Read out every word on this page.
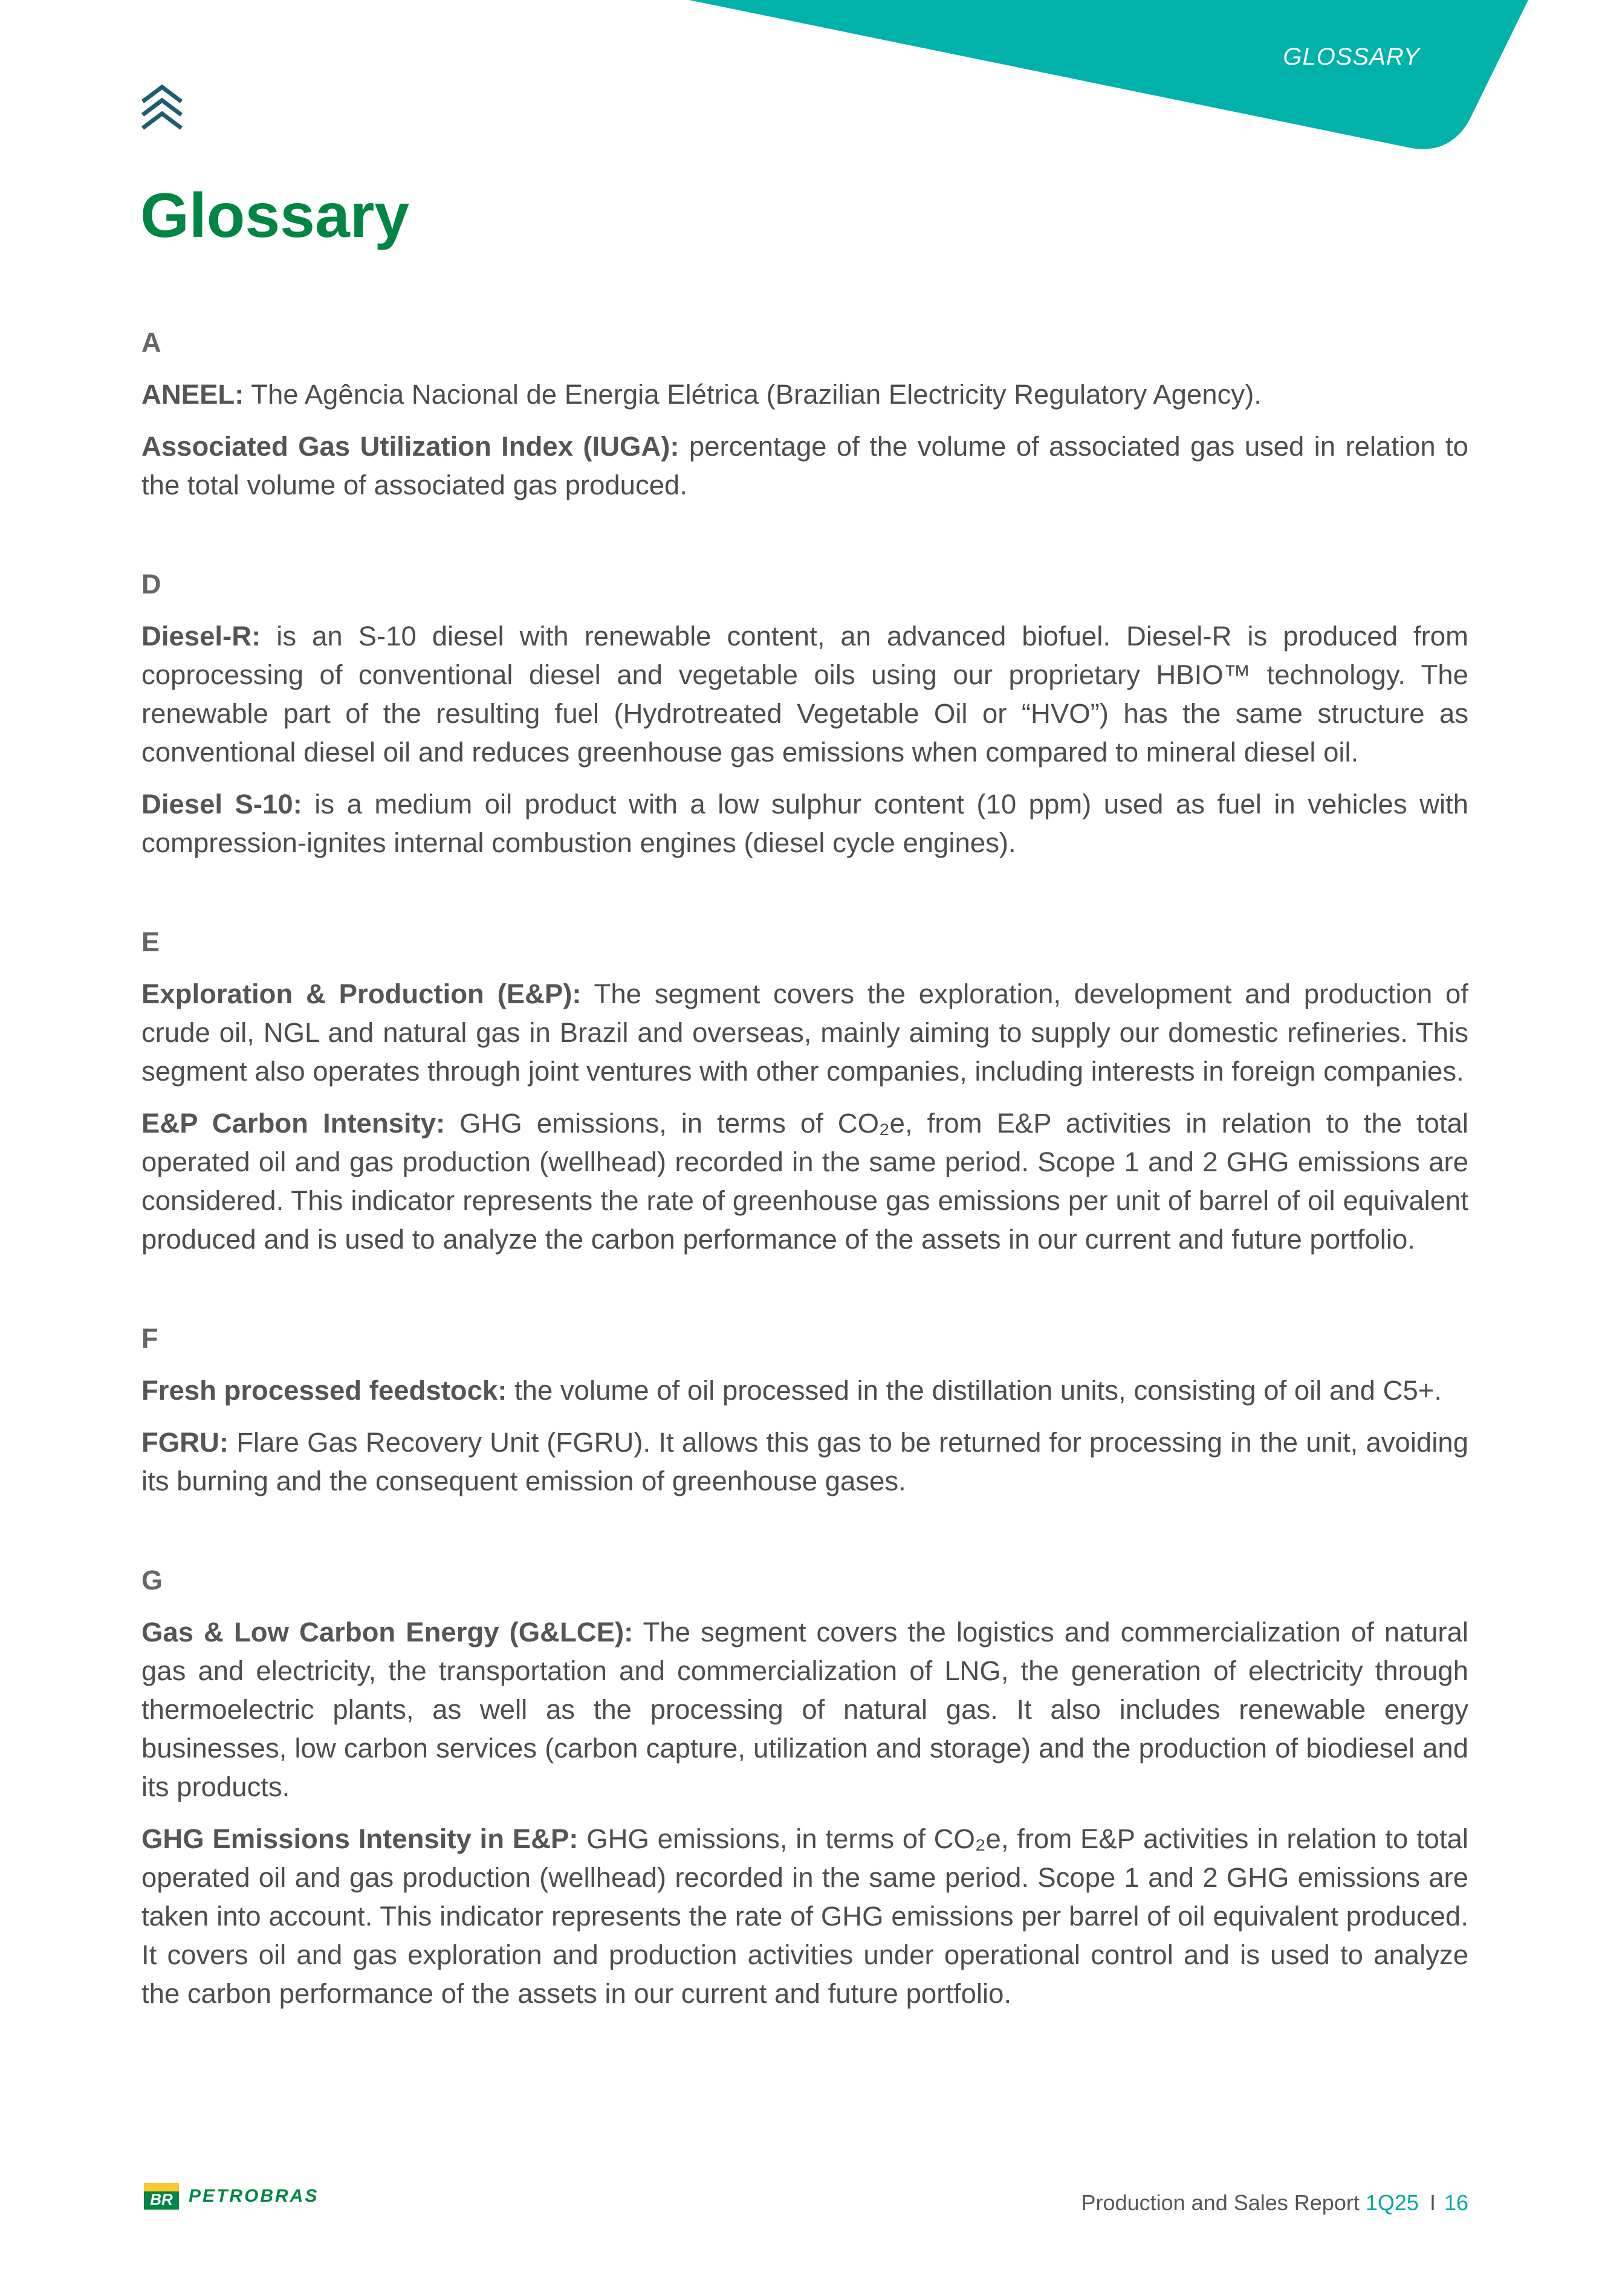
GLOSSARY
Glossary
A

ANEEL: The Agência Nacional de Energia Elétrica (Brazilian Electricity Regulatory Agency).

Associated Gas Utilization Index (IUGA): percentage of the volume of associated gas used in relation to the total volume of associated gas produced.

D

Diesel-R: is an S-10 diesel with renewable content, an advanced biofuel. Diesel-R is produced from coprocessing of conventional diesel and vegetable oils using our proprietary HBIO™ technology. The renewable part of the resulting fuel (Hydrotreated Vegetable Oil or “HVO”) has the same structure as conventional diesel oil and reduces greenhouse gas emissions when compared to mineral diesel oil.

Diesel S-10: is a medium oil product with a low sulphur content (10 ppm) used as fuel in vehicles with compression-ignites internal combustion engines (diesel cycle engines).

E

Exploration & Production (E&P): The segment covers the exploration, development and production of crude oil, NGL and natural gas in Brazil and overseas, mainly aiming to supply our domestic refineries. This segment also operates through joint ventures with other companies, including interests in foreign companies.

E&P Carbon Intensity: GHG emissions, in terms of CO₂e, from E&P activities in relation to the total operated oil and gas production (wellhead) recorded in the same period. Scope 1 and 2 GHG emissions are considered. This indicator represents the rate of greenhouse gas emissions per unit of barrel of oil equivalent produced and is used to analyze the carbon performance of the assets in our current and future portfolio.

F

Fresh processed feedstock: the volume of oil processed in the distillation units, consisting of oil and C5+.

FGRU: Flare Gas Recovery Unit (FGRU). It allows this gas to be returned for processing in the unit, avoiding its burning and the consequent emission of greenhouse gases.

G

Gas & Low Carbon Energy (G&LCE): The segment covers the logistics and commercialization of natural gas and electricity, the transportation and commercialization of LNG, the generation of electricity through thermoelectric plants, as well as the processing of natural gas. It also includes renewable energy businesses, low carbon services (carbon capture, utilization and storage) and the production of biodiesel and its products.

GHG Emissions Intensity in E&P: GHG emissions, in terms of CO₂e, from E&P activities in relation to total operated oil and gas production (wellhead) recorded in the same period. Scope 1 and 2 GHG emissions are taken into account. This indicator represents the rate of GHG emissions per barrel of oil equivalent produced. It covers oil and gas exploration and production activities under operational control and is used to analyze the carbon performance of the assets in our current and future portfolio.

BR PETROBRAS	Production and Sales Report 1Q25 I 16
